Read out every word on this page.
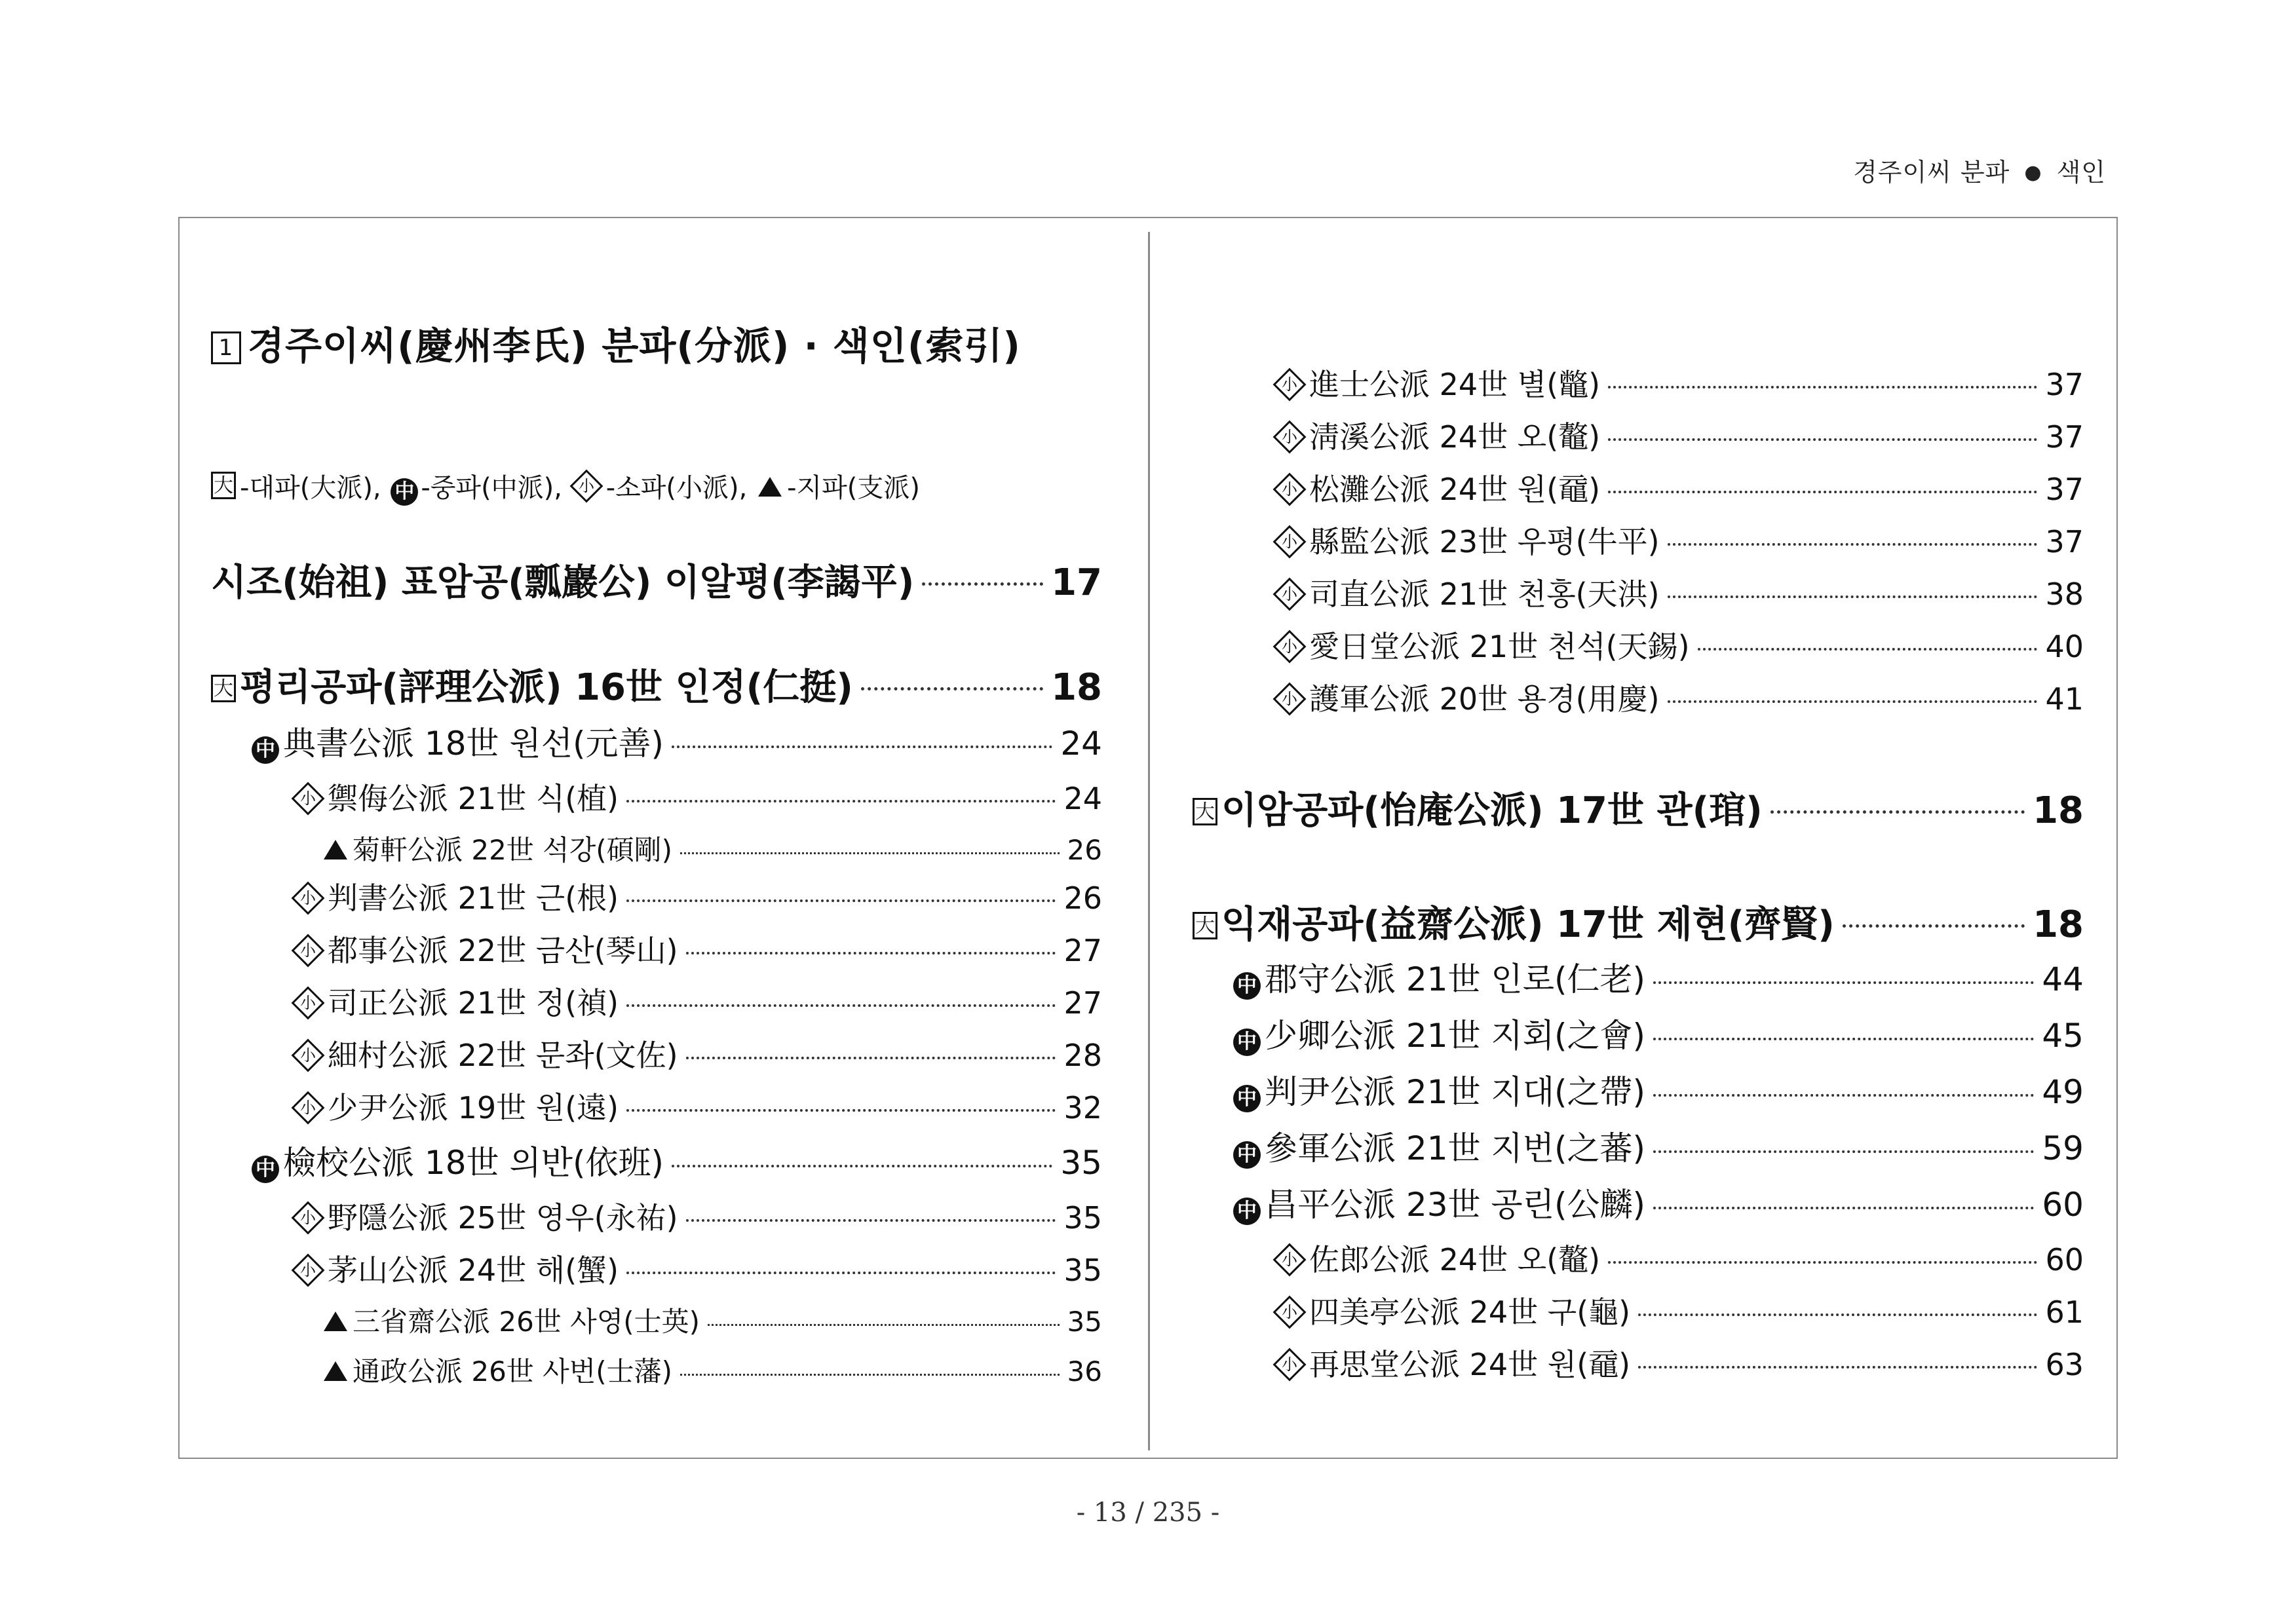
경주이씨 분파 ● 색인
1 경주이씨(慶州李氏) 분파(分派) · 색인(索引)
大-대파(大派), 中 -중파(中派), 小 -소파(小派), -지파(支派)
시조(始祖) 표암공(瓢巖公) 이알평(李謁平)	17
大평리공파(評理公派) 16世 인정(仁挺)	18
中 典書公派 18世 원선(元善)	24
小禦侮公派 21世 식(植)	24
菊軒公派 22世 석강(碩剛)	26
小判書公派 21世 근(根)	26
小都事公派 22世 금산(琴山)	27
小司正公派 21世 정(禎)	27
小細村公派 22世 문좌(文佐)	28
小少尹公派 19世 원(遠)	32
中 檢校公派 18世 의반(依班)	35
小野隱公派 25世 영우(永祐)	35
小茅山公派 24世 해(蟹)	35
三省齋公派 26世 사영(士英)	35
通政公派 26世 사번(士藩)	36
小進士公派 24世 별(鼈)	37
小淸溪公派 24世 오(鼇)	37
小松灘公派 24世 원(黿)	37
小縣監公派 23世 우평(牛平)	37
小司直公派 21世 천홍(天洪)	38
小愛日堂公派 21世 천석(天錫)	40
小護軍公派 20世 용경(用慶)	41
大이암공파(怡庵公派) 17世 관(琯)	18
大익재공파(益齋公派) 17世 제현(齊賢)	18
中 郡守公派 21世 인로(仁老)	44
中 少卿公派 21世 지회(之會)	45
中 判尹公派 21世 지대(之帶)	49
中 參軍公派 21世 지번(之蕃)	59
中 昌平公派 23世 공린(公麟)	60
小佐郎公派 24世 오(鼇)	60
小四美亭公派 24世 구(龜)	61
小再思堂公派 24世 원(黿)	63
- 13 / 235 -
